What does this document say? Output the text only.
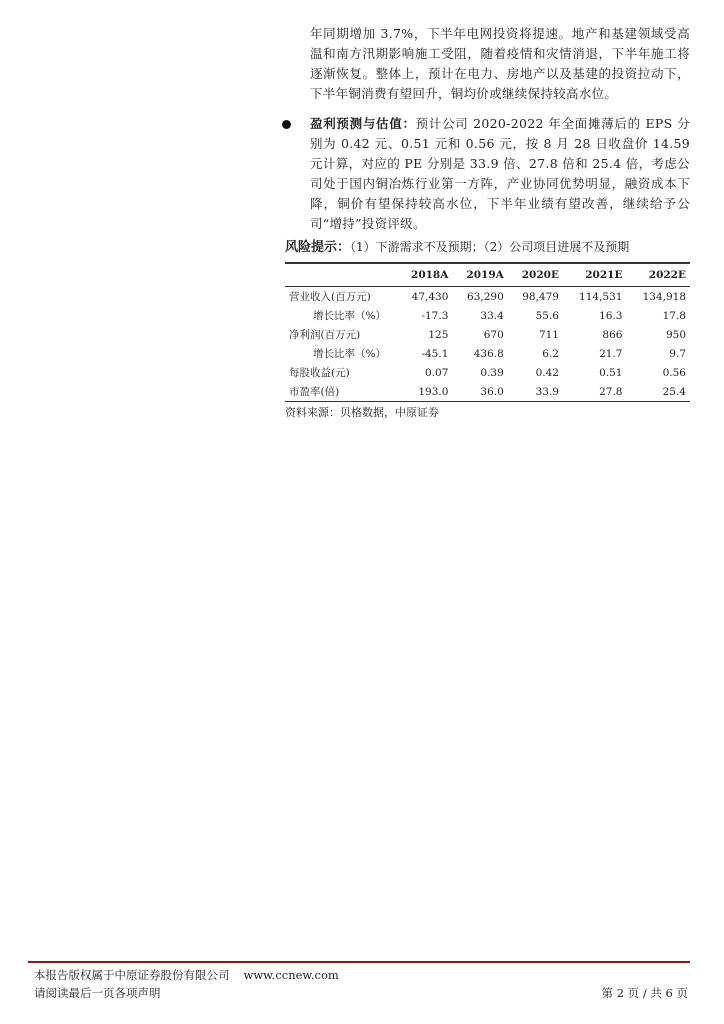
年同期增加 3.7%，下半年电网投资将提速。地产和基建领域受高温和南方汛期影响施工受阻，随着疫情和灾情消退，下半年施工将逐渐恢复。整体上，预计在电力、房地产以及基建的投资拉动下，下半年铜消费有望回升，铜均价或继续保持较高水位。

盈利预测与估值：预计公司 2020-2022 年全面摊薄后的 EPS 分别为 0.42 元、0.51 元和 0.56 元，按 8 月 28 日收盘价 14.59 元计算，对应的 PE 分别是 33.9 倍、27.8 倍和 25.4 倍，考虑公司处于国内铜冶炼行业第一方阵，产业协同优势明显，融资成本下降，铜价有望保持较高水位，下半年业绩有望改善，继续给予公司“增持”投资评级。

风险提示：（1）下游需求不及预期；（2）公司项目进展不及预期
	2018A	2019A	2020E	2021E	2022E
营业收入(百万元)	47,430	63,290	98,479	114,531	134,918
增长比率（%）	-17.3	33.4	55.6	16.3	17.8
净利润(百万元)	125	670	711	866	950
增长比率（%）	-45.1	436.8	6.2	21.7	9.7
每股收益(元)	0.07	0.39	0.42	0.51	0.56
市盈率(倍)	193.0	36.0	33.9	27.8	25.4
资料来源：贝格数据，中原证券
本报告版权属于中原证券股份有限公司 www.ccnew.com
请阅读最后一页各项声明	第 2 页 / 共 6 页
